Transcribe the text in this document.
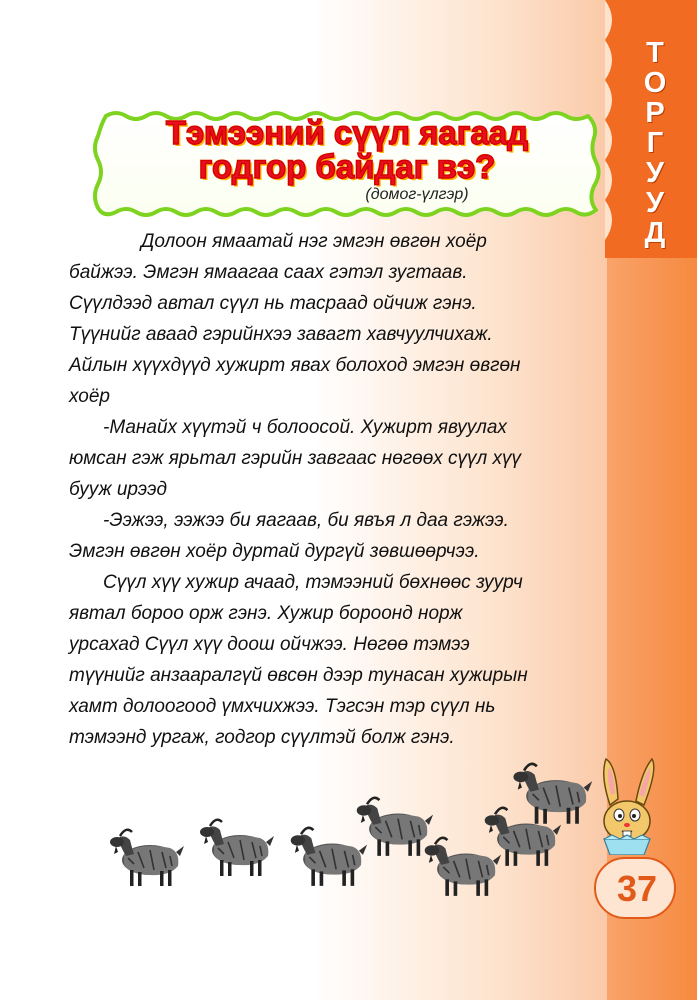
Т
О
Р
Г
У
У
Д
Тэмээний сүүл яагаад
годгор байдаг вэ?
(домог-үлгэр)

Долоон ямаатай нэг эмгэн өвгөн хоёр

байжээ. Эмгэн ямаагаа саах гэтэл зугтаав.

Сүүлдээд автал сүүл нь тасраад ойчиж гэнэ.

Түүнийг аваад гэрийнхээ завагт хавчуулчихаж.

Айлын хүүхдүүд хужирт явах болоход эмгэн өвгөн

хоёр

-Манайх хүүтэй ч болоосой. Хужирт явуулах

юмсан гэж ярьтал гэрийн завгаас нөгөөх сүүл хүү

бууж ирээд

-Ээжээ, ээжээ би яагаав, би явъя л даа гэжээ.

Эмгэн өвгөн хоёр дуртай дургүй зөвшөөрчээ.

Сүүл хүү хужир ачаад, тэмээний бөхнөөс зуурч

явтал бороо орж гэнэ. Хужир бороонд норж

урсахад Сүүл хүү доош ойчжээ. Нөгөө тэмээ

түүнийг анзааралгүй өвсөн дээр тунасан хужирын

хамт долоогоод үмхчихжээ. Тэгсэн тэр сүүл нь

тэмээнд ургаж, годгор сүүлтэй болж гэнэ.

37
